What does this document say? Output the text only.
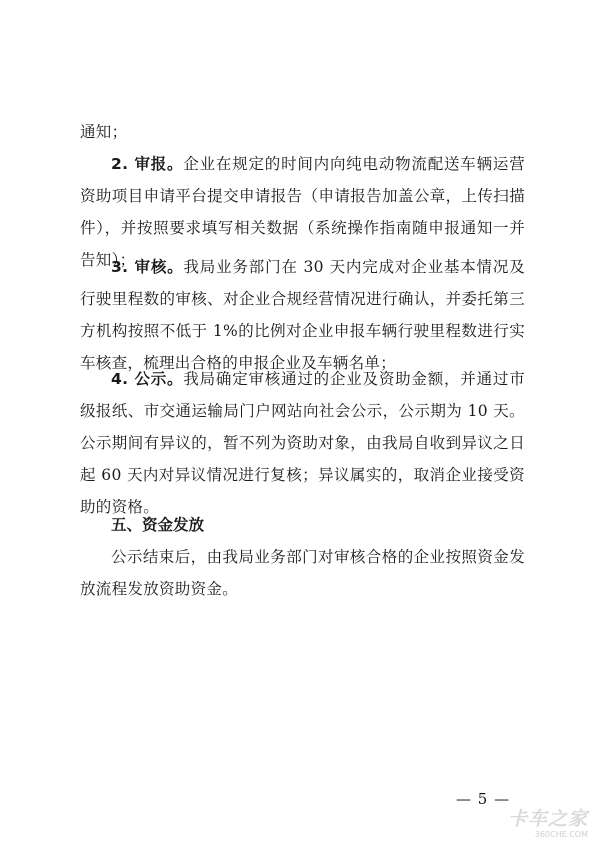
通知；

2. 审报。企业在规定的时间内向纯电动物流配送车辆运营资助项目申请平台提交申请报告（申请报告加盖公章，上传扫描件），并按照要求填写相关数据（系统操作指南随申报通知一并告知）；

3. 审核。我局业务部门在 30 天内完成对企业基本情况及行驶里程数的审核、对企业合规经营情况进行确认，并委托第三方机构按照不低于 1%的比例对企业申报车辆行驶里程数进行实车核查，梳理出合格的申报企业及车辆名单；

4. 公示。我局确定审核通过的企业及资助金额，并通过市级报纸、市交通运输局门户网站向社会公示，公示期为 10 天。公示期间有异议的，暂不列为资助对象，由我局自收到异议之日起 60 天内对异议情况进行复核；异议属实的，取消企业接受资助的资格。

五、资金发放

公示结束后，由我局业务部门对审核合格的企业按照资金发放流程发放资助资金。

— 5 —
卡车之家
360CHE.COM
